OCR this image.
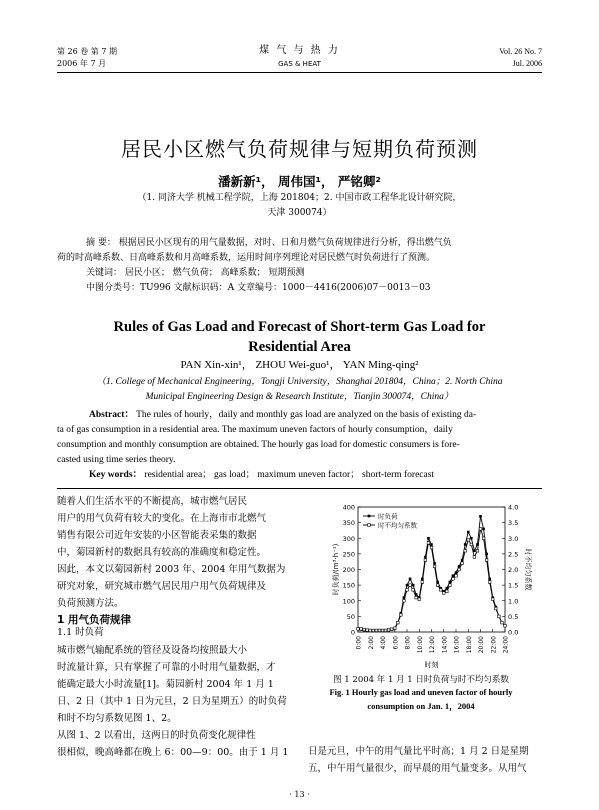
第 26 卷 第 7 期
2006 年 7 月
煤 气 与 热 力
GAS & HEAT
Vol. 26 No. 7
Jul. 2006
居民小区燃气负荷规律与短期负荷预测
潘新新¹， 周伟国¹， 严铭卿²
（1. 同济大学 机械工程学院，上海 201804；2. 中国市政工程华北设计研究院，
天津 300074）
摘 要： 根据居民小区现有的用气量数据，对时、日和月燃气负荷规律进行分析，得出燃气负
荷的时高峰系数、日高峰系数和月高峰系数，运用时间序列理论对居民燃气时负荷进行了预测。
关键词： 居民小区； 燃气负荷； 高峰系数； 短期预测
中图分类号：TU996 文献标识码：A 文章编号：1000－4416(2006)07－0013－03
Rules of Gas Load and Forecast of Short-term Gas Load for
Residential Area
PAN Xin-xin¹， ZHOU Wei-guo¹， YAN Ming-qing²
（1. College of Mechanical Engineering，Tongji University，Shanghai 201804，China；2. North China
Municipal Engineering Design & Research Institute，Tianjin 300074，China）
Abstract： The rules of hourly，daily and monthly gas load are analyzed on the basis of existing da-
ta of gas consumption in a residential area. The maximum uneven factors of hourly consumption，daily
consumption and monthly consumption are obtained. The hourly gas load for domestic consumers is fore-
casted using time series theory.
Key words： residential area； gas load； maximum uneven factor； short-term forecast
随着人们生活水平的不断提高，城市燃气居民
用户的用气负荷有较大的变化。在上海市市北燃气
销售有限公司近年安装的小区智能表采集的数据
中，菊园新村的数据具有较高的准确度和稳定性。
因此，本文以菊园新村 2003 年、2004 年用气数据为
研究对象，研究城市燃气居民用户用气负荷规律及
负荷预测方法。
1 用气负荷规律
1.1 时负荷
城市燃气输配系统的管径及设备均按照最大小
时流量计算，只有掌握了可靠的小时用气量数据，才
能确定最大小时流量[1]。菊园新村 2004 年 1 月 1
日、2 日（其中 1 日为元旦，2 日为星期五）的时负荷
和时不均匀系数见图 1、2。
从图 1、2 以看出，这两日的时负荷变化规律性
很相似，晚高峰都在晚上 6：00—9：00。由于 1 月 1
0
50
100
150
200
250
300
350
400
0.0
0.5
1.0
1.5
2.0
2.5
3.0
3.5
4.0
0:00 2:00 4:00 6:00 8:00 10:00 12:00 14:00 16:00 18:00 20:00 22:00 24:00
时刻
时负荷/(m³·h⁻¹)	时不均匀系数
时负荷
时不均匀系数
图 1 2004 年 1 月 1 日时负荷与时不均匀系数
Fig. 1 Hourly gas load and uneven factor of hourly
consumption on Jan. 1，2004
日是元旦，中午的用气量比平时高；1 月 2 日是星期
五，中午用气量很少，而早晨的用气量变多。从用气
· 13 ·
